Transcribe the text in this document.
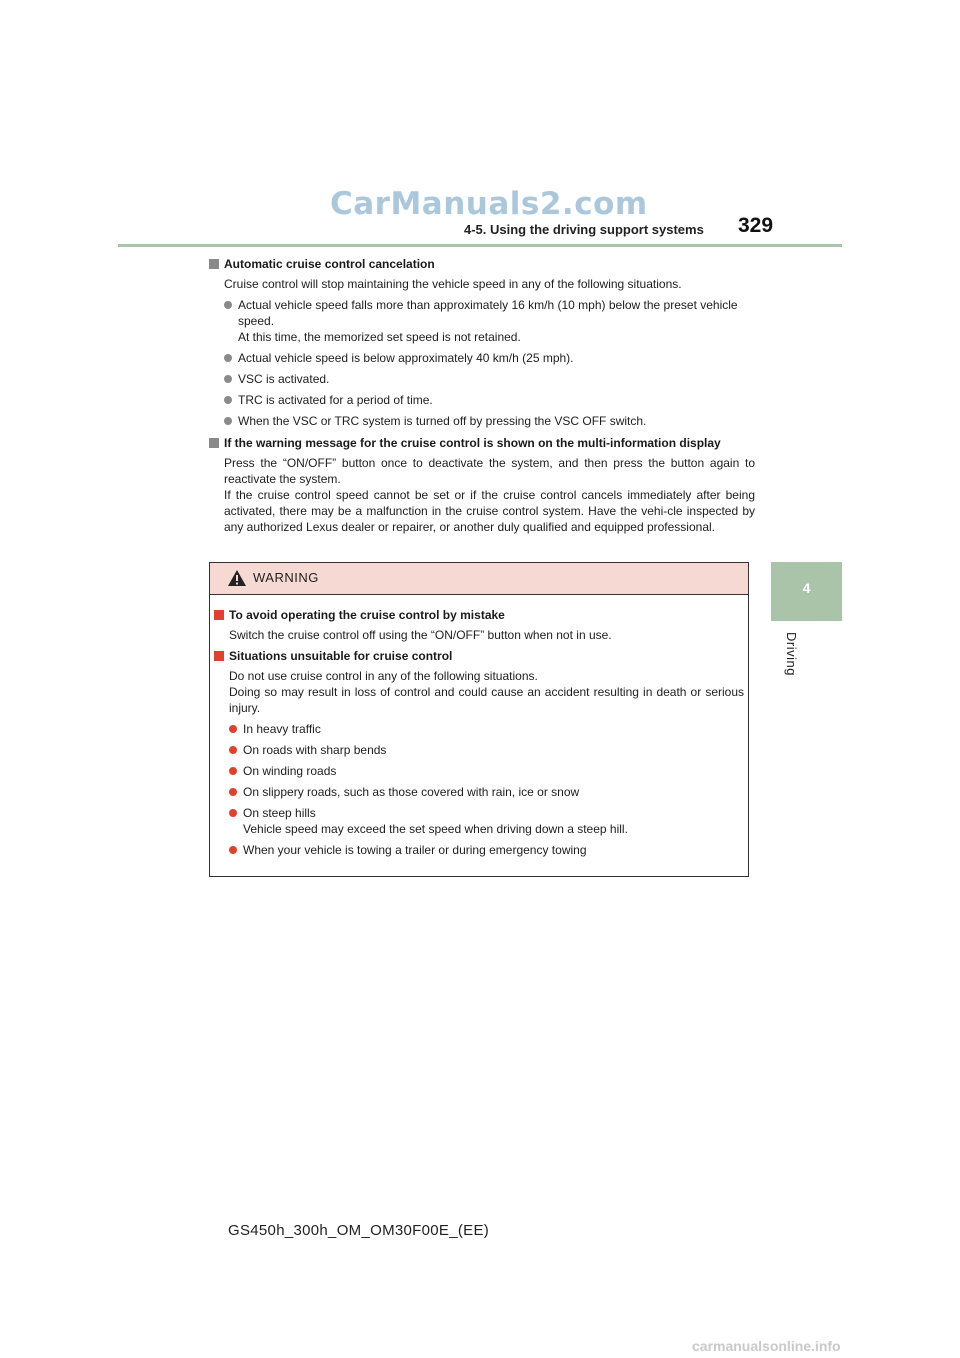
CarManuals2.com
4-5. Using the driving support systems 329
4
Driving
Automatic cruise control cancelation
Cruise control will stop maintaining the vehicle speed in any of the following situations.
Actual vehicle speed falls more than approximately 16 km/h (10 mph) below the preset vehicle speed.
At this time, the memorized set speed is not retained.
Actual vehicle speed is below approximately 40 km/h (25 mph).
VSC is activated.
TRC is activated for a period of time.
When the VSC or TRC system is turned off by pressing the VSC OFF switch.
If the warning message for the cruise control is shown on the multi-information display
Press the “ON/OFF” button once to deactivate the system, and then press the button again to reactivate the system.
If the cruise control speed cannot be set or if the cruise control cancels immediately after being activated, there may be a malfunction in the cruise control system. Have the vehi-cle inspected by any authorized Lexus dealer or repairer, or another duly qualified and equipped professional.
WARNING
To avoid operating the cruise control by mistake
Switch the cruise control off using the “ON/OFF” button when not in use.
Situations unsuitable for cruise control
Do not use cruise control in any of the following situations.
Doing so may result in loss of control and could cause an accident resulting in death or serious injury.
In heavy traffic
On roads with sharp bends
On winding roads
On slippery roads, such as those covered with rain, ice or snow
On steep hills
Vehicle speed may exceed the set speed when driving down a steep hill.
When your vehicle is towing a trailer or during emergency towing
GS450h_300h_OM_OM30F00E_(EE)
carmanualsonline.info
